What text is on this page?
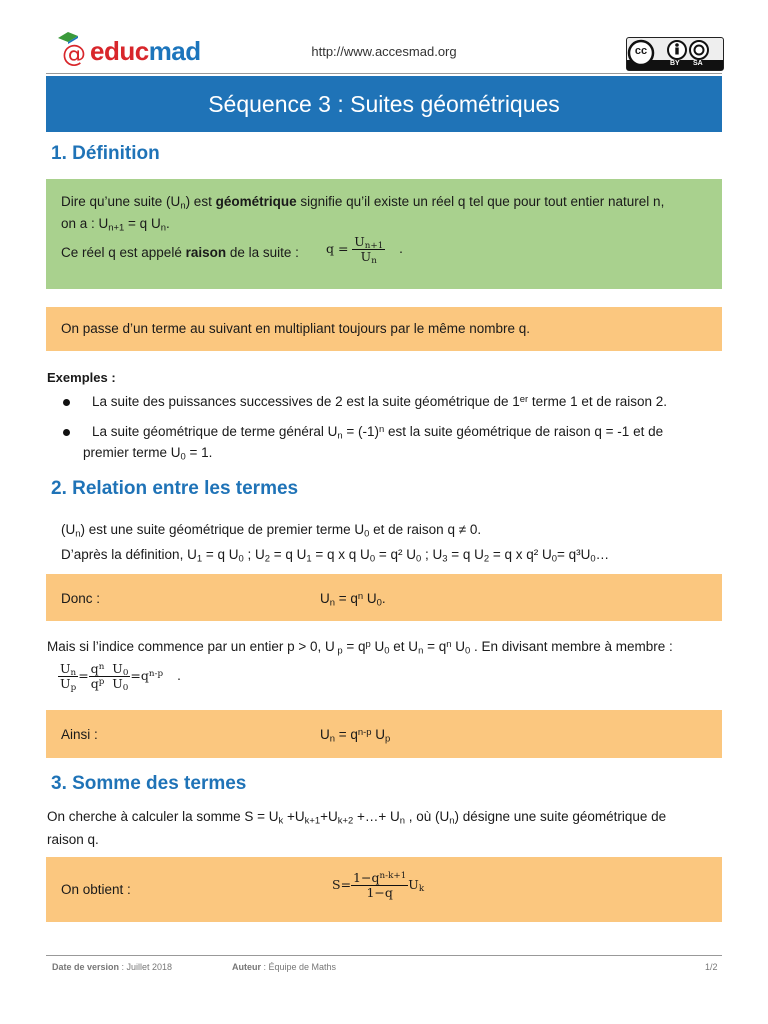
@ educmad	http://www.accesmad.org	cc
BY SA
Séquence 3 : Suites géométriques
1. Définition
Dire qu’une suite $(U_n)$ est géométrique signifie qu’il existe un réel q tel que pour tout entier naturel n,
on a : $U_{n+1} = q$ $U_n$.
Ce réel q est appelé raison de la suite : $q = \frac{U_{n+1}}{U_n}$ .
On passe d’un terme au suivant en multipliant toujours par le même nombre q.
Exemples :
La suite des puissances successives de 2 est la suite géométrique de 1er terme 1 et de raison 2.
La suite géométrique de terme général $U_n = (-1)^n$ est la suite géométrique de raison q = -1 et de
premier terme $U_0 = 1$.
2. Relation entre les termes
$(U_n)$ est une suite géométrique de premier terme $U_0$ et de raison q ≠ 0.
D’après la définition, $U_1 = q$ $U_0$ ; $U_2 = q$ $U_1 = q$ x q $U_0 = q^2$ $U_0$ ; $U_3 = q$ $U_2 = q$ x q² $U_0=$ $q^3U_0\dots$
Donc :	$U_n = q^n$ $U_0$.
Mais si l’indice commence par un entier p > 0, U $_p = q^p$ $U_0$ et $U_n = q^n$ $U_0$ . En divisant membre à membre :
$\frac{U_n}{U_p} = \frac{q^n U_0}{q^p U_0} =q^{n-p}$ .
Ainsi :	$U_n = q^{n-p}$ $U_p$
3. Somme des termes
On cherche à calculer la somme $S = U_k +U_{k+1}+U_{k+2}$ +…+ $U_n$ , où $(U_n)$ désigne une suite géométrique de
raison q.
On obtient :	$S= \frac{1-q^{n-k+1}}{1-q} U_k$
Date de version : Juillet 2018	Auteur : Équipe de Maths	1/2
